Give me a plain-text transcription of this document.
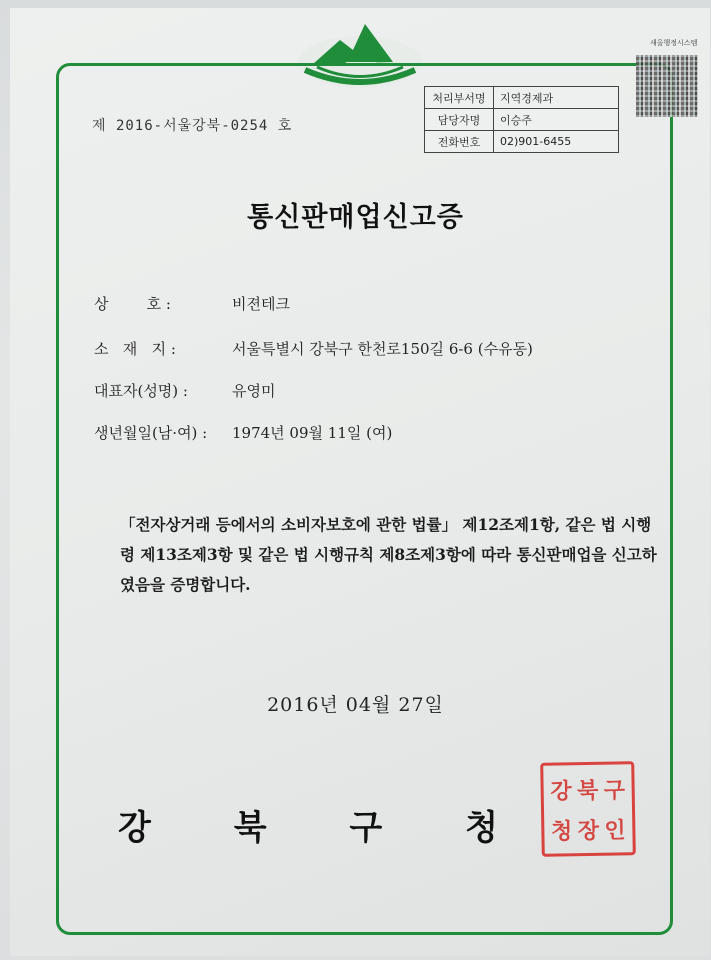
제 2016-서울강북-0254 호
처리부서명	지역경제과
담당자명	이승주
전화번호	02)901-6455
새올행정시스템
통신판매업신고증
상        호 :	비젼테크
소   재   지 :	서울특별시 강북구 한천로150길 6-6 (수유동)
대표자(성명) :	유영미
생년월일(남·여) : 1974년 09월 11일 (여)
「전자상거래 등에서의 소비자보호에 관한 법률」 제12조제1항, 같은 법 시행령 제13조제3항 및 같은 법 시행규칙 제8조제3항에 따라 통신판매업을 신고하였음을 증명합니다.
2016년 04월 27일
강 북 구 청
강 북 구
청 장 인
